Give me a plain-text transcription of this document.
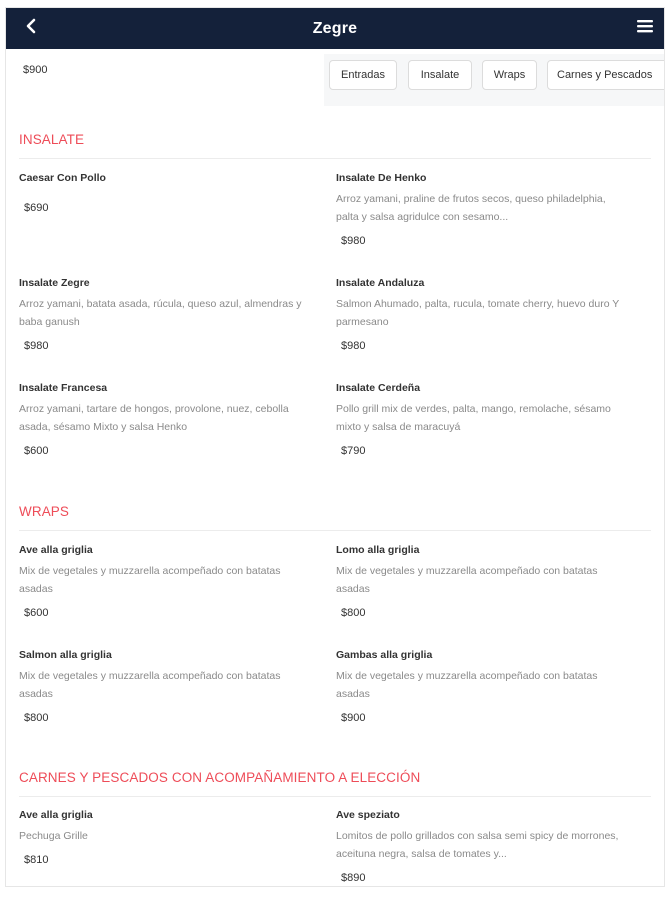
Zegre
$900	Entradas	Insalate	Wraps	Carnes y Pescados
INSALATE
Caesar Con Pollo
$690
Insalate De Henko
Arroz yamani, praline de frutos secos, queso philadelphia, palta y salsa agridulce con sesamo...
$980
Insalate Zegre
Arroz yamani, batata asada, rúcula, queso azul, almendras y baba ganush
$980
Insalate Andaluza
Salmon Ahumado, palta, rucula, tomate cherry, huevo duro Y parmesano
$980
Insalate Francesa
Arroz yamani, tartare de hongos, provolone, nuez, cebolla asada, sésamo Mixto y salsa Henko
$600
Insalate Cerdeña
Pollo grill mix de verdes, palta, mango, remolache, sésamo mixto y salsa de maracuyá
$790
WRAPS
Ave alla griglia
Mix de vegetales y muzzarella acompeñado con batatas asadas
$600
Lomo alla griglia
Mix de vegetales y muzzarella acompeñado con batatas asadas
$800
Salmon alla griglia
Mix de vegetales y muzzarella acompeñado con batatas asadas
$800
Gambas alla griglia
Mix de vegetales y muzzarella acompeñado con batatas asadas
$900
CARNES Y PESCADOS CON ACOMPAÑAMIENTO A ELECCIÓN
Ave alla griglia
Pechuga Grille
$810
Ave speziato
Lomitos de pollo grillados con salsa semi spicy de morrones, aceituna negra, salsa de tomates y...
$890
